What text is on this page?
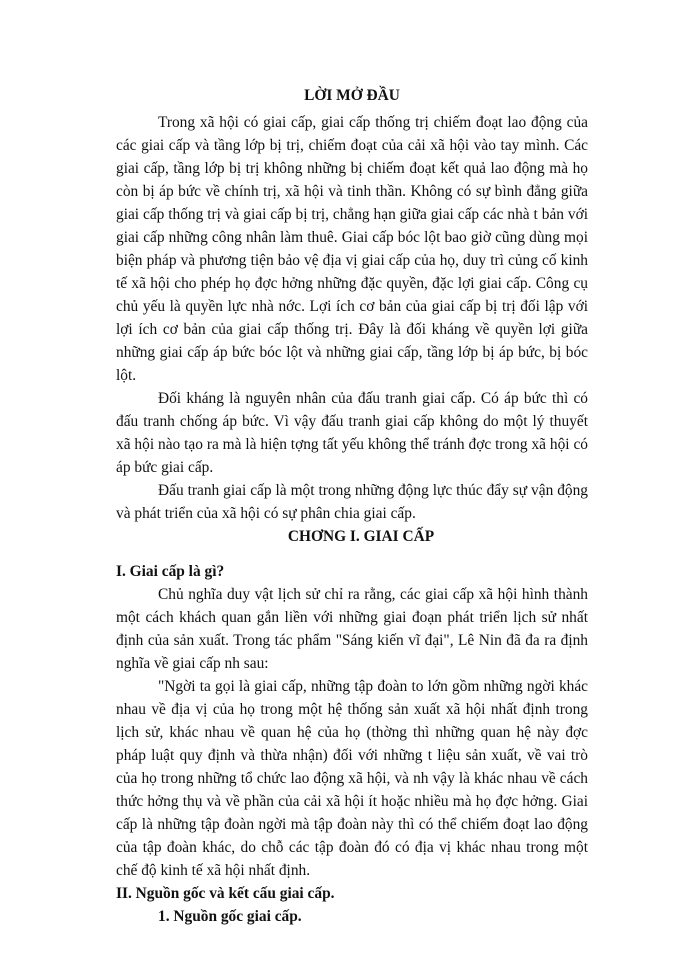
LỜI MỞ ĐẦU

Trong xã hội có giai cấp, giai cấp thống trị chiếm đoạt lao động của các giai cấp và tầng lớp bị trị, chiếm đoạt của cải xã hội vào tay mình. Các giai cấp, tầng lớp bị trị không những bị chiếm đoạt kết quả lao động mà họ còn bị áp bức về chính trị, xã hội và tinh thần. Không có sự bình đẳng giữa giai cấp thống trị và giai cấp bị trị, chẳng hạn giữa giai cấp các nhà t bản với giai cấp những công nhân làm thuê. Giai cấp bóc lột bao giờ cũng dùng mọi biện pháp và phương tiện bảo vệ địa vị giai cấp của họ, duy trì củng cố kinh tế xã hội cho phép họ đợc hởng những đặc quyền, đặc lợi giai cấp. Công cụ chủ yếu là quyền lực nhà nớc. Lợi ích cơ bản của giai cấp bị trị đối lập với lợi ích cơ bản của giai cấp thống trị. Đây là đối kháng về quyền lợi giữa những giai cấp áp bức bóc lột và những giai cấp, tầng lớp bị áp bức, bị bóc lột.

Đối kháng là nguyên nhân của đấu tranh giai cấp. Có áp bức thì có đấu tranh chống áp bức. Vì vậy đấu tranh giai cấp không do một lý thuyết xã hội nào tạo ra mà là hiện tợng tất yếu không thể tránh đợc trong xã hội có áp bức giai cấp.

Đấu tranh giai cấp là một trong những động lực thúc đẩy sự vận động và phát triển của xã hội có sự phân chia giai cấp.

CHƠNG I. GIAI CẤP
I. Giai cấp là gì?

Chủ nghĩa duy vật lịch sử chỉ ra rằng, các giai cấp xã hội hình thành một cách khách quan gắn liền với những giai đoạn phát triển lịch sử nhất định của sản xuất. Trong tác phẩm "Sáng kiến vĩ đại", Lê Nin đã đa ra định nghĩa về giai cấp nh sau:

"Ngời ta gọi là giai cấp, những tập đoàn to lớn gồm những ngời khác nhau về địa vị của họ trong một hệ thống sản xuất xã hội nhất định trong lịch sử, khác nhau về quan hệ của họ (thờng thì những quan hệ này đợc pháp luật quy định và thừa nhận) đối với những t liệu sản xuất, về vai trò của họ trong những tổ chức lao động xã hội, và nh vậy là khác nhau về cách thức hởng thụ và về phần của cải xã hội ít hoặc nhiều mà họ đợc hởng. Giai cấp là những tập đoàn ngời mà tập đoàn này thì có thể chiếm đoạt lao động của tập đoàn khác, do chỗ các tập đoàn đó có địa vị khác nhau trong một chế độ kinh tế xã hội nhất định.

II. Nguồn gốc và kết cấu giai cấp.
1. Nguồn gốc giai cấp.
